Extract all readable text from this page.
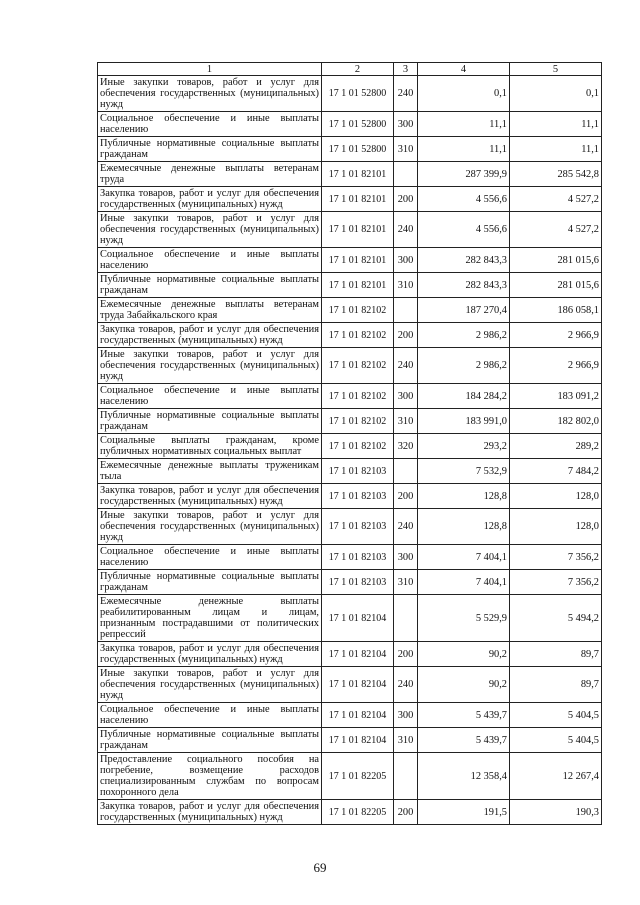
1	2	3	4	5
Иные закупки товаров, работ и услуг для обеспечения государственных (муниципальных) нужд	17 1 01 52800	240	0,1	0,1
Социальное обеспечение и иные выплаты населению	17 1 01 52800	300	11,1	11,1
Публичные нормативные социальные выплаты гражданам	17 1 01 52800	310	11,1	11,1
Ежемесячные денежные выплаты ветеранам труда	17 1 01 82101		287 399,9	285 542,8
Закупка товаров, работ и услуг для обеспечения государственных (муниципальных) нужд	17 1 01 82101	200	4 556,6	4 527,2
Иные закупки товаров, работ и услуг для обеспечения государственных (муниципальных) нужд	17 1 01 82101	240	4 556,6	4 527,2
Социальное обеспечение и иные выплаты населению	17 1 01 82101	300	282 843,3	281 015,6
Публичные нормативные социальные выплаты гражданам	17 1 01 82101	310	282 843,3	281 015,6
Ежемесячные денежные выплаты ветеранам труда Забайкальского края	17 1 01 82102		187 270,4	186 058,1
Закупка товаров, работ и услуг для обеспечения государственных (муниципальных) нужд	17 1 01 82102	200	2 986,2	2 966,9
Иные закупки товаров, работ и услуг для обеспечения государственных (муниципальных) нужд	17 1 01 82102	240	2 986,2	2 966,9
Социальное обеспечение и иные выплаты населению	17 1 01 82102	300	184 284,2	183 091,2
Публичные нормативные социальные выплаты гражданам	17 1 01 82102	310	183 991,0	182 802,0
Социальные выплаты гражданам, кроме публичных нормативных социальных выплат	17 1 01 82102	320	293,2	289,2
Ежемесячные денежные выплаты труженикам тыла	17 1 01 82103		7 532,9	7 484,2
Закупка товаров, работ и услуг для обеспечения государственных (муниципальных) нужд	17 1 01 82103	200	128,8	128,0
Иные закупки товаров, работ и услуг для обеспечения государственных (муниципальных) нужд	17 1 01 82103	240	128,8	128,0
Социальное обеспечение и иные выплаты населению	17 1 01 82103	300	7 404,1	7 356,2
Публичные нормативные социальные выплаты гражданам	17 1 01 82103	310	7 404,1	7 356,2
Ежемесячные денежные выплаты реабилитированным лицам и лицам, признанным пострадавшими от политических репрессий	17 1 01 82104		5 529,9	5 494,2
Закупка товаров, работ и услуг для обеспечения государственных (муниципальных) нужд	17 1 01 82104	200	90,2	89,7
Иные закупки товаров, работ и услуг для обеспечения государственных (муниципальных) нужд	17 1 01 82104	240	90,2	89,7
Социальное обеспечение и иные выплаты населению	17 1 01 82104	300	5 439,7	5 404,5
Публичные нормативные социальные выплаты гражданам	17 1 01 82104	310	5 439,7	5 404,5
Предоставление социального пособия на погребение, возмещение расходов специализированным службам по вопросам похоронного дела	17 1 01 82205		12 358,4	12 267,4
Закупка товаров, работ и услуг для обеспечения государственных (муниципальных) нужд	17 1 01 82205	200	191,5	190,3
69
